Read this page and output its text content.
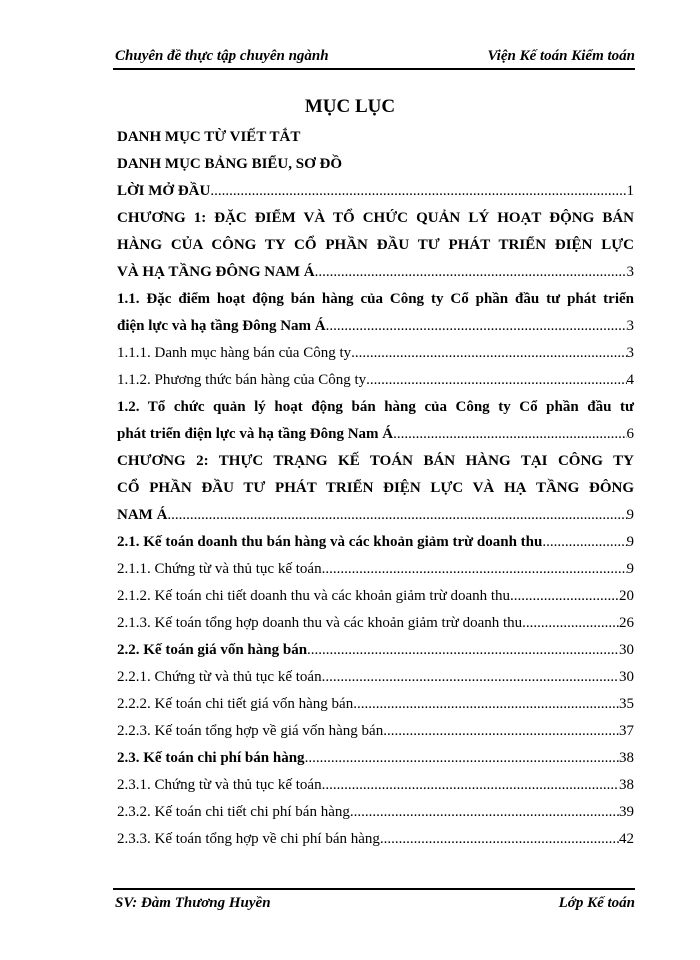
Chuyên đề thực tập chuyên ngành	Viện Kế toán Kiểm toán
MỤC LỤC
DANH MỤC TỪ VIẾT TẮT
DANH MỤC BẢNG BIỂU, SƠ ĐỒ
LỜI MỞ ĐẦU .....	1
CHƯƠNG 1: ĐẶC ĐIỂM VÀ TỔ CHỨC QUẢN LÝ HOẠT ĐỘNG BÁN
HÀNG CỦA CÔNG TY CỔ PHẦN ĐẦU TƯ PHÁT TRIỂN ĐIỆN LỰC
VÀ HẠ TẦNG ĐÔNG NAM Á .....	3
1.1. Đặc điểm hoạt động bán hàng của Công ty Cổ phần đầu tư phát triển
điện lực và hạ tầng Đông Nam Á .....	3
1.1.1. Danh mục hàng bán của Công ty .....	3
1.1.2. Phương thức bán hàng của Công ty .....	4
1.2. Tổ chức quản lý hoạt động bán hàng của Công ty Cổ phần đầu tư
phát triển điện lực và hạ tầng Đông Nam Á .....	6
CHƯƠNG 2: THỰC TRẠNG KẾ TOÁN BÁN HÀNG TẠI CÔNG TY
CỔ PHẦN ĐẦU TƯ PHÁT TRIỂN ĐIỆN LỰC VÀ HẠ TẦNG ĐÔNG
NAM Á .....	9
2.1. Kế toán doanh thu bán hàng và các khoản giảm trừ doanh thu .....	9
2.1.1. Chứng từ và thủ tục kế toán .....	9
2.1.2. Kế toán chi tiết doanh thu và các khoản giảm trừ doanh thu .....	20
2.1.3. Kế toán tổng hợp doanh thu và các khoản giảm trừ doanh thu .....	26
2.2. Kế toán giá vốn hàng bán .....	30
2.2.1. Chứng từ và thủ tục kế toán .....	30
2.2.2. Kế toán chi tiết giá vốn hàng bán .....	35
2.2.3. Kế toán tổng hợp về giá vốn hàng bán .....	37
2.3. Kế toán chi phí bán hàng .....	38
2.3.1. Chứng từ và thủ tục kế toán .....	38
2.3.2. Kế toán chi tiết chi phí bán hàng .....	39
2.3.3. Kế toán tổng hợp về chi phí bán hàng .....	42
SV: Đàm Thương Huyền	Lớp Kế toán
